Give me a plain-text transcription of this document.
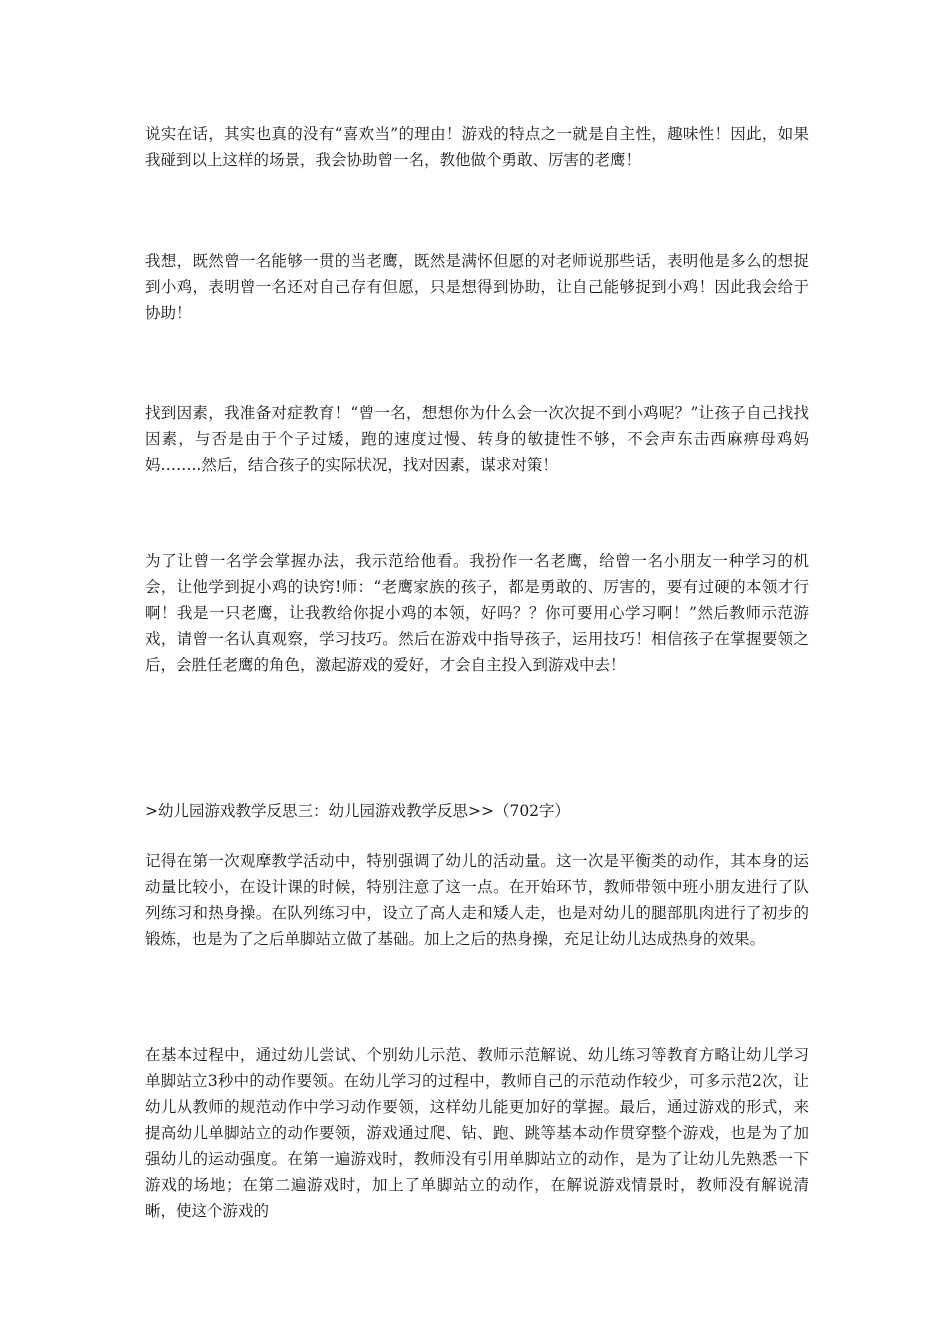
说实在话，其实也真的没有“喜欢当”的理由！游戏的特点之一就是自主性，趣味性！因此，如果我碰到以上这样的场景，我会协助曾一名，教他做个勇敢、厉害的老鹰！

我想，既然曾一名能够一贯的当老鹰，既然是满怀但愿的对老师说那些话，表明他是多么的想捉到小鸡，表明曾一名还对自己存有但愿，只是想得到协助，让自己能够捉到小鸡！因此我会给于协助！

找到因素，我准备对症教育！“曾一名，想想你为什么会一次次捉不到小鸡呢？”让孩子自己找找因素，与否是由于个子过矮，跑的速度过慢、转身的敏捷性不够，不会声东击西麻痹母鸡妈妈……..然后，结合孩子的实际状况，找对因素，谋求对策！

为了让曾一名学会掌握办法，我示范给他看。我扮作一名老鹰，给曾一名小朋友一种学习的机会，让他学到捉小鸡的诀窍!师：“老鹰家族的孩子，都是勇敢的、厉害的，要有过硬的本领才行啊！我是一只老鹰，让我教给你捉小鸡的本领，好吗？？你可要用心学习啊！”然后教师示范游戏，请曾一名认真观察，学习技巧。然后在游戏中指导孩子，运用技巧！相信孩子在掌握要领之后，会胜任老鹰的角色，激起游戏的爱好，才会自主投入到游戏中去！

>幼儿园游戏教学反思三：幼儿园游戏教学反思>>（702字）

记得在第一次观摩教学活动中，特别强调了幼儿的活动量。这一次是平衡类的动作，其本身的运动量比较小，在设计课的时候，特别注意了这一点。在开始环节，教师带领中班小朋友进行了队列练习和热身操。在队列练习中，设立了高人走和矮人走，也是对幼儿的腿部肌肉进行了初步的锻炼，也是为了之后单脚站立做了基础。加上之后的热身操，充足让幼儿达成热身的效果。

在基本过程中，通过幼儿尝试、个别幼儿示范、教师示范解说、幼儿练习等教育方略让幼儿学习单脚站立3秒中的动作要领。在幼儿学习的过程中，教师自己的示范动作较少，可多示范2次，让幼儿从教师的规范动作中学习动作要领，这样幼儿能更加好的掌握。最后，通过游戏的形式，来提高幼儿单脚站立的动作要领，游戏通过爬、钻、跑、跳等基本动作贯穿整个游戏，也是为了加强幼儿的运动强度。在第一遍游戏时，教师没有引用单脚站立的动作，是为了让幼儿先熟悉一下游戏的场地；在第二遍游戏时，加上了单脚站立的动作，在解说游戏情景时，教师没有解说清晰，使这个游戏的
